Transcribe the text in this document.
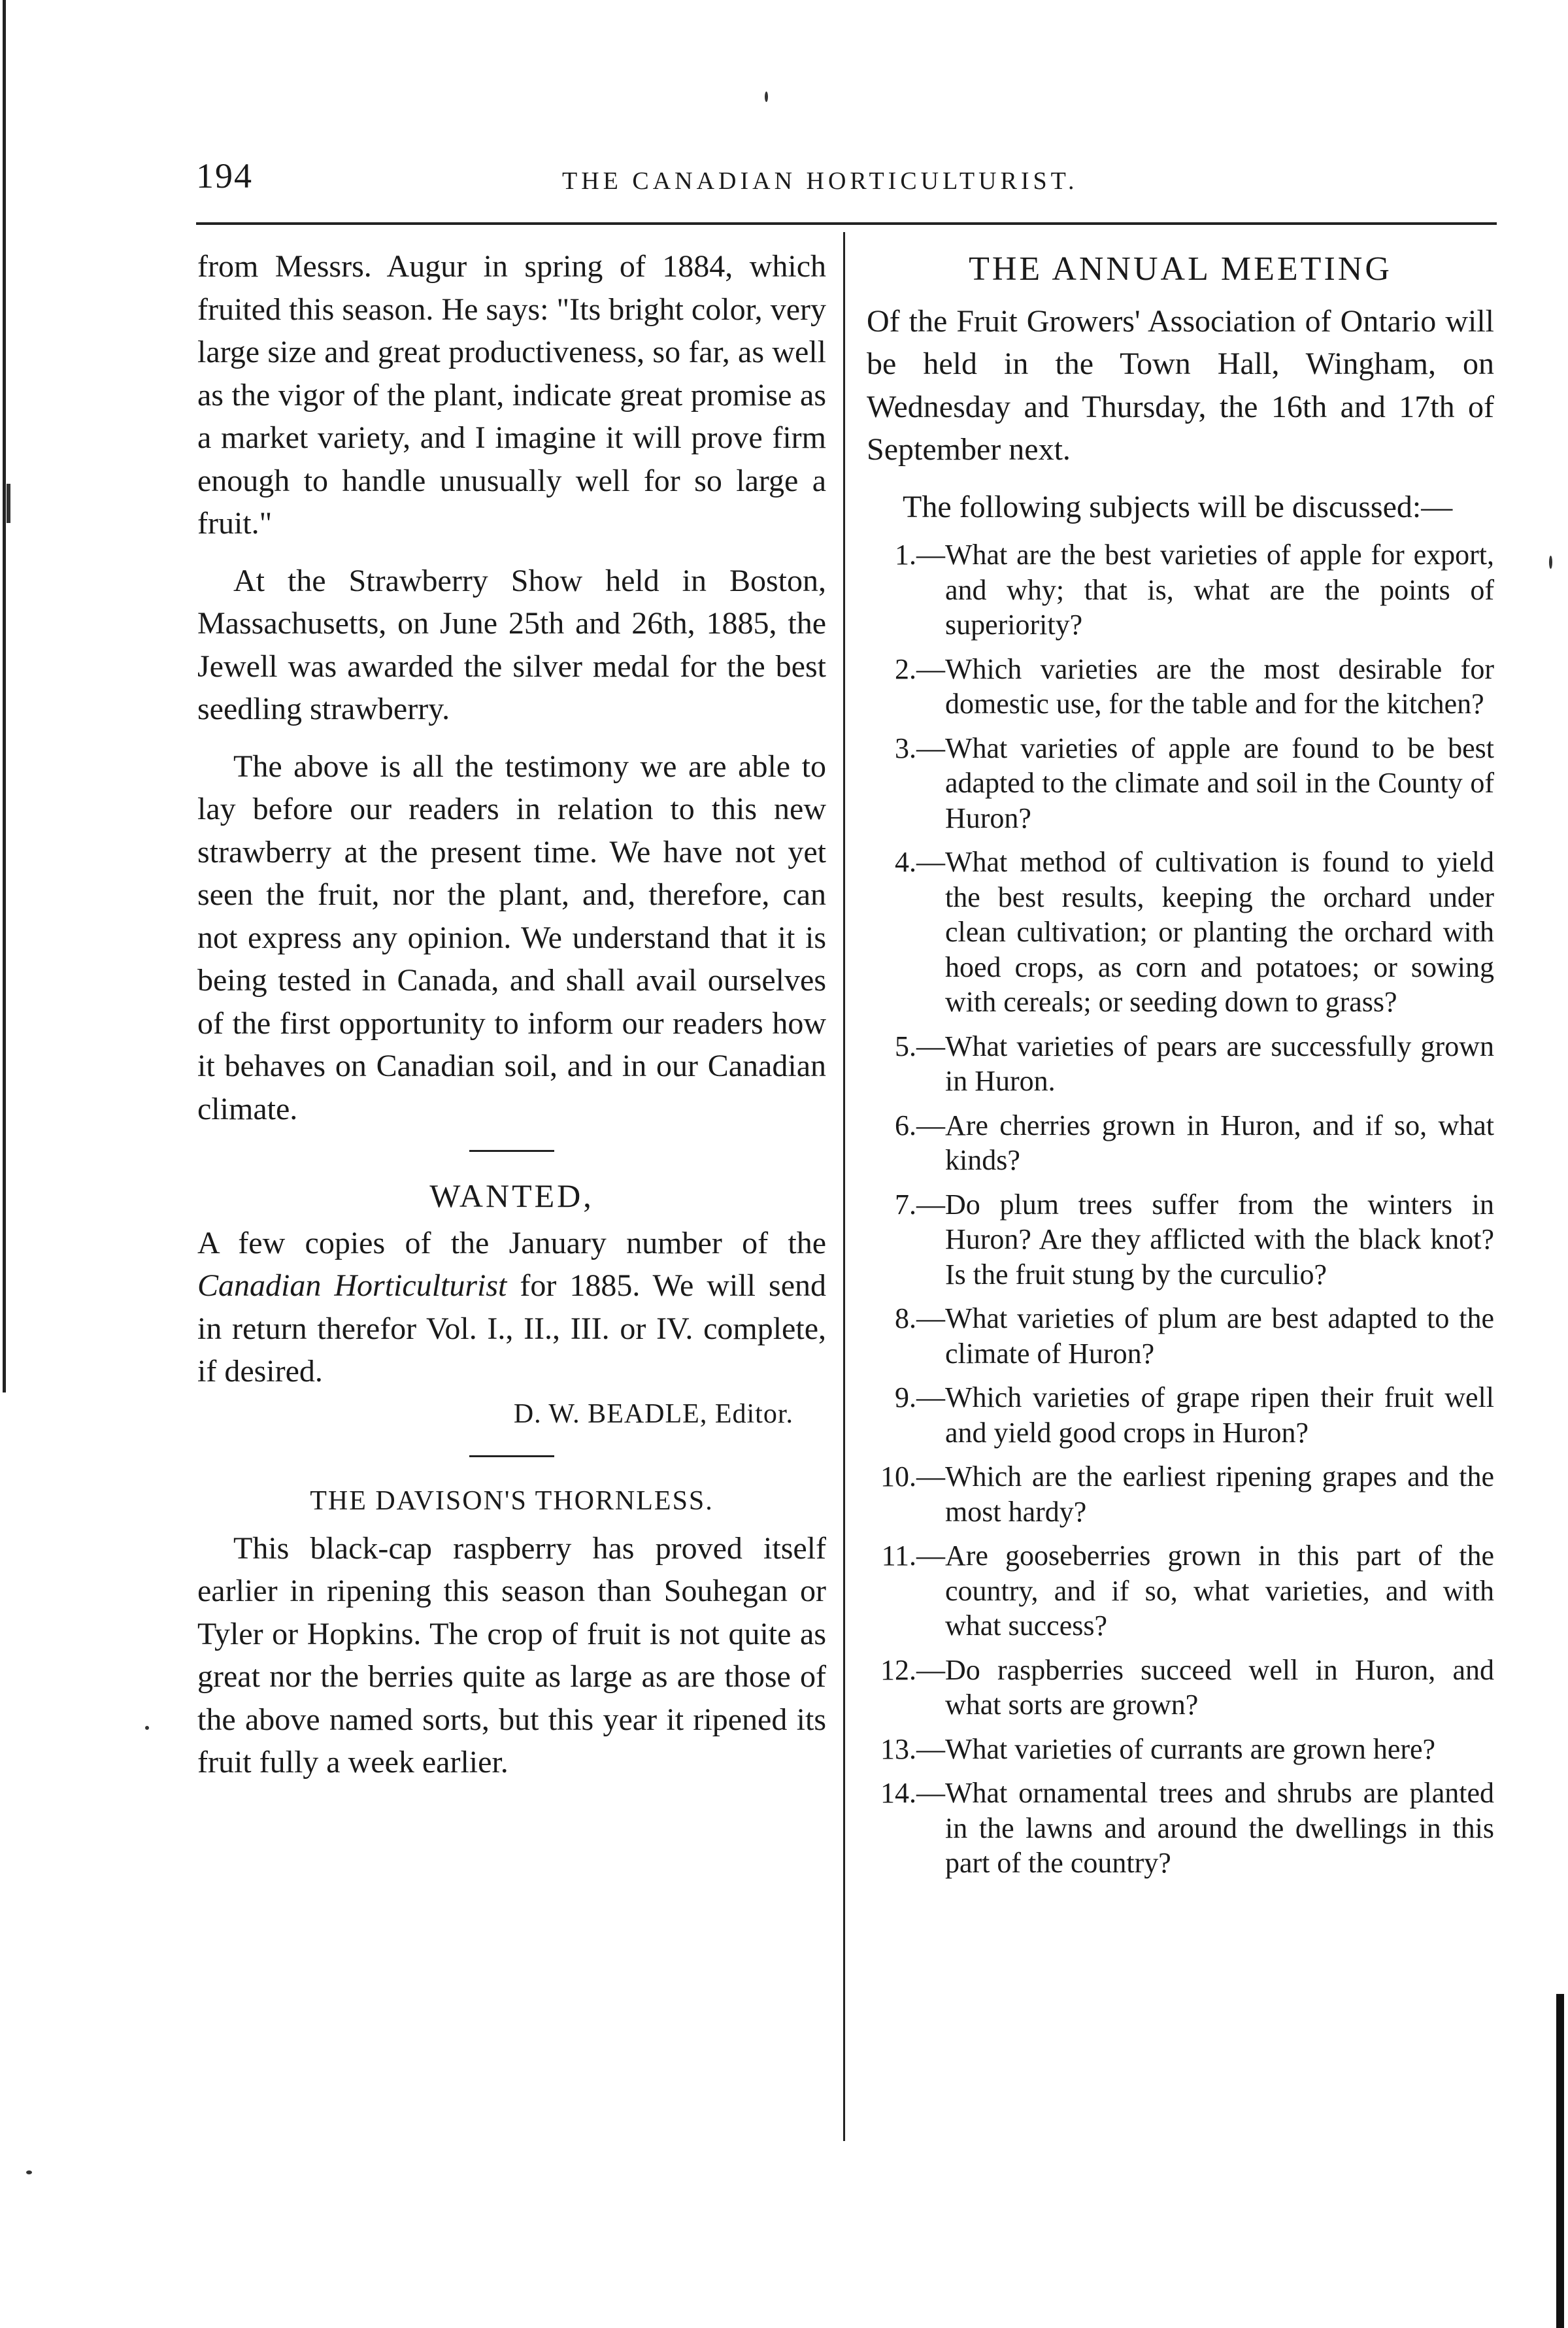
194	THE CANADIAN HORTICULTURIST.

from Messrs. Augur in spring of 1884, which fruited this season. He says: "Its bright color, very large size and great productiveness, so far, as well as the vigor of the plant, indicate great promise as a market variety, and I imagine it will prove firm enough to handle unusually well for so large a fruit."

At the Strawberry Show held in Boston, Massachusetts, on June 25th and 26th, 1885, the Jewell was awarded the silver medal for the best seedling strawberry.

The above is all the testimony we are able to lay before our readers in relation to this new strawberry at the present time. We have not yet seen the fruit, nor the plant, and, therefore, can not express any opinion. We understand that it is being tested in Canada, and shall avail ourselves of the first opportunity to inform our readers how it behaves on Canadian soil, and in our Canadian climate.

WANTED,

A few copies of the January number of the Canadian Horticulturist for 1885. We will send in return therefor Vol. I., II., III. or IV. complete, if desired.

D. W. BEADLE, Editor.
THE DAVISON'S THORNLESS.

This black-cap raspberry has proved itself earlier in ripening this season than Souhegan or Tyler or Hopkins. The crop of fruit is not quite as great nor the berries quite as large as are those of the above named sorts, but this year it ripened its fruit fully a week earlier.

THE ANNUAL MEETING

Of the Fruit Growers' Association of Ontario will be held in the Town Hall, Wingham, on Wednesday and Thursday, the 16th and 17th of September next.

The following subjects will be discussed:—

1.— What are the best varieties of apple for export, and why; that is, what are the points of superiority?
2.— Which varieties are the most desirable for domestic use, for the table and for the kitchen?
3.— What varieties of apple are found to be best adapted to the climate and soil in the County of Huron?
4.— What method of cultivation is found to yield the best results, keeping the orchard under clean cultivation; or planting the orchard with hoed crops, as corn and potatoes; or sowing with cereals; or seeding down to grass?
5.— What varieties of pears are successfully grown in Huron.
6.— Are cherries grown in Huron, and if so, what kinds?
7.— Do plum trees suffer from the winters in Huron? Are they afflicted with the black knot? Is the fruit stung by the curculio?
8.— What varieties of plum are best adapted to the climate of Huron?
9.— Which varieties of grape ripen their fruit well and yield good crops in Huron?
10.— Which are the earliest ripening grapes and the most hardy?
11.— Are gooseberries grown in this part of the country, and if so, what varieties, and with what success?
12.— Do raspberries succeed well in Huron, and what sorts are grown?
13.— What varieties of currants are grown here?
14.— What ornamental trees and shrubs are planted in the lawns and around the dwellings in this part of the country?
